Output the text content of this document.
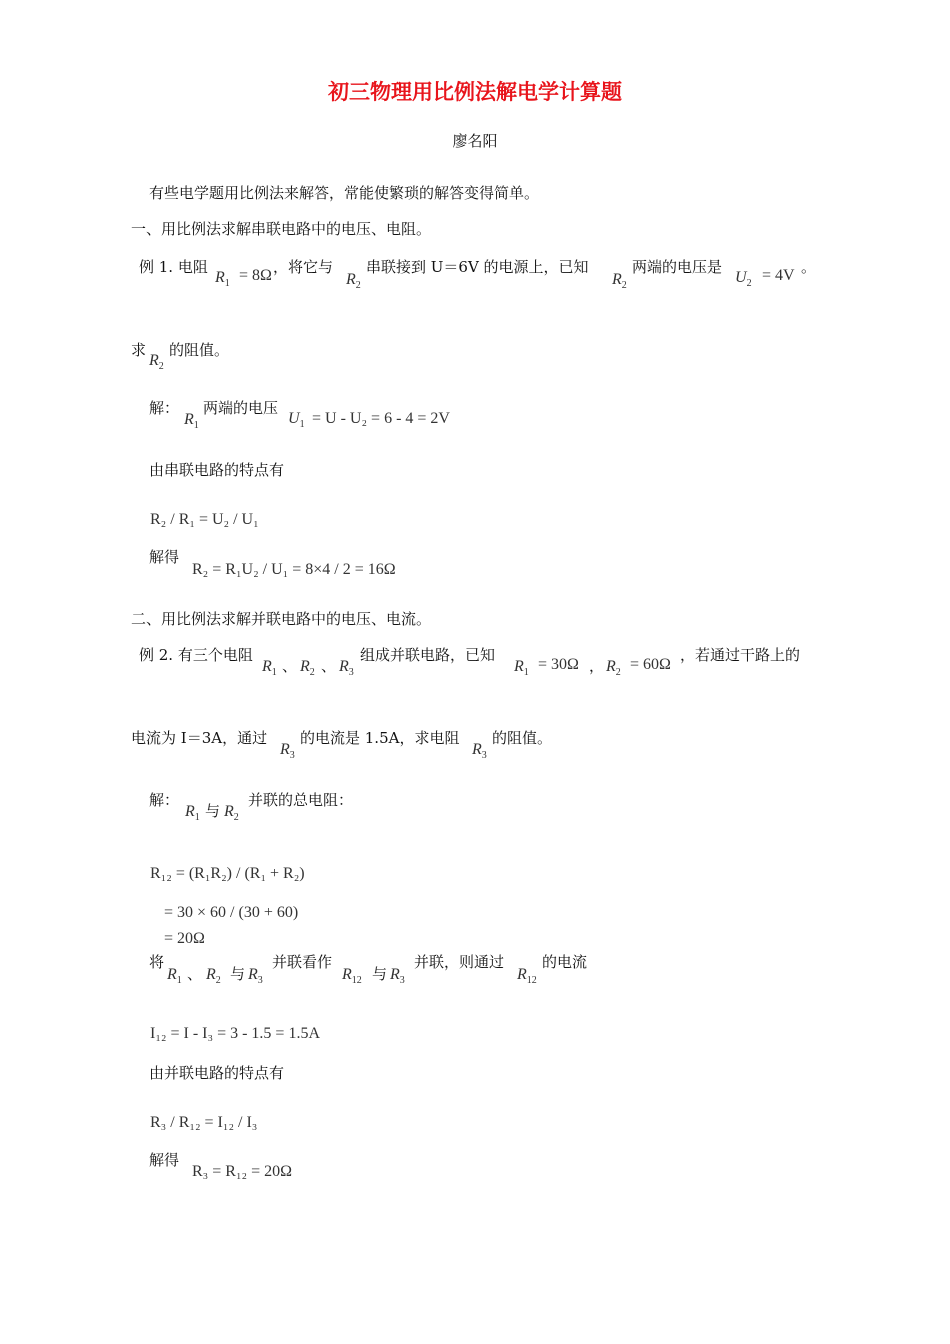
初三物理用比例法解电学计算题
廖名阳
有些电学题用比例法来解答，常能使繁琐的解答变得简单。
一、用比例法求解串联电路中的电压、电阻。
例 1. 电阻
$R_1 = 8\Omega$ ，将它与
$R_2$
串联接到 U＝6V 的电源上，已知
$R_2$
两端的电压是
$U_2 = 4V$ 。
求
$R_2$
的阻值。
解：
$R_1$
两端的电压
$U_1 = U - U_2 = 6 - 4 = 2V$
由串联电路的特点有
R₂ / R₁ = U₂ / U₁
解得
R₂ = R₁U₂ / U₁ = 8×4 / 2 = 16Ω
二、用比例法求解并联电路中的电压、电流。
例 2. 有三个电阻
$R_1$ 、 $R_2$ 、 $R_3$
组成并联电路，已知
$R_1 = 30\Omega$ ， $R_2 = 60\Omega$
，若通过干路上的
电流为 I＝3A，通过
$R_3$
的电流是 1.5A，求电阻
$R_3$
的阻值。
解：
$R_1$ 与 $R_2$
并联的总电阻：
R₁₂ = (R₁R₂) / (R₁ + R₂)
= 30 × 60 / (30 + 60)
= 20Ω
将
$R_1$ 、 $R_2$ 与 $R_3$
并联看作
$R_{12}$ 与 $R_3$
并联，则通过
$R_{12}$
的电流
I₁₂ = I - I₃ = 3 - 1.5 = 1.5A
由并联电路的特点有
R₃ / R₁₂ = I₁₂ / I₃
解得
R₃ = R₁₂ = 20Ω
